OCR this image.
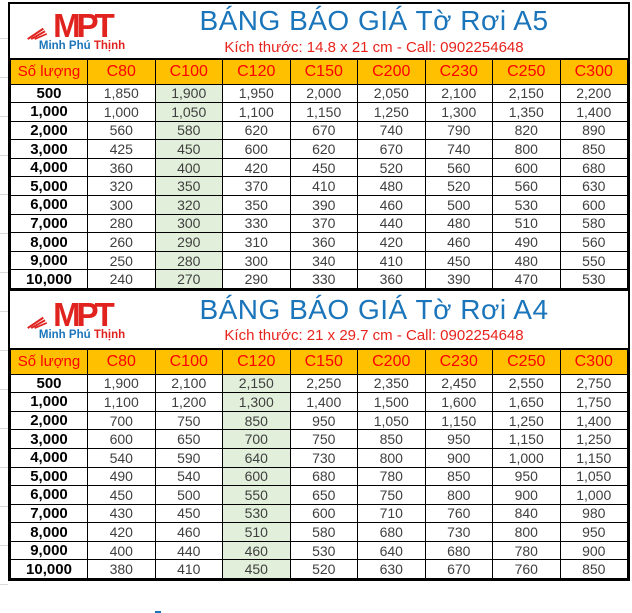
MPT
Minh Phú Thịnh
BÁNG BÁO GIÁ Tờ Rơi A5
Kích thước: 14.8 x 21 cm - Call: 0902254648
Số lượng	C80	C100	C120	C150	C200	C230	C250	C300
500	1,850	1,900	1,950	2,000	2,050	2,100	2,150	2,200
1,000	1,000	1,050	1,100	1,150	1,250	1,300	1,350	1,400
2,000	560	580	620	670	740	790	820	890
3,000	425	450	600	620	670	740	800	850
4,000	360	400	420	450	520	560	600	680
5,000	320	350	370	410	480	520	560	630
6,000	300	320	350	390	460	500	530	600
7,000	280	300	330	370	440	480	510	580
8,000	260	290	310	360	420	460	490	560
9,000	250	280	300	340	410	450	480	550
10,000	240	270	290	330	360	390	470	530
MPT
Minh Phú Thịnh
BÁNG BÁO GIÁ Tờ Rơi A4
Kích thước: 21 x 29.7 cm - Call: 0902254648
Số lượng	C80	C100	C120	C150	C200	C230	C250	C300
500	1,900	2,100	2,150	2,250	2,350	2,450	2,550	2,750
1,000	1,100	1,200	1,300	1,400	1,500	1,600	1,650	1,750
2,000	700	750	850	950	1,050	1,150	1,250	1,400
3,000	600	650	700	750	850	950	1,150	1,250
4,000	540	590	640	730	800	900	1,000	1,150
5,000	490	540	600	680	780	850	950	1,050
6,000	450	500	550	650	750	800	900	1,000
7,000	430	450	530	600	710	760	840	980
8,000	420	460	510	580	680	730	800	950
9,000	400	440	460	530	640	680	780	900
10,000	380	410	450	520	630	670	760	850
